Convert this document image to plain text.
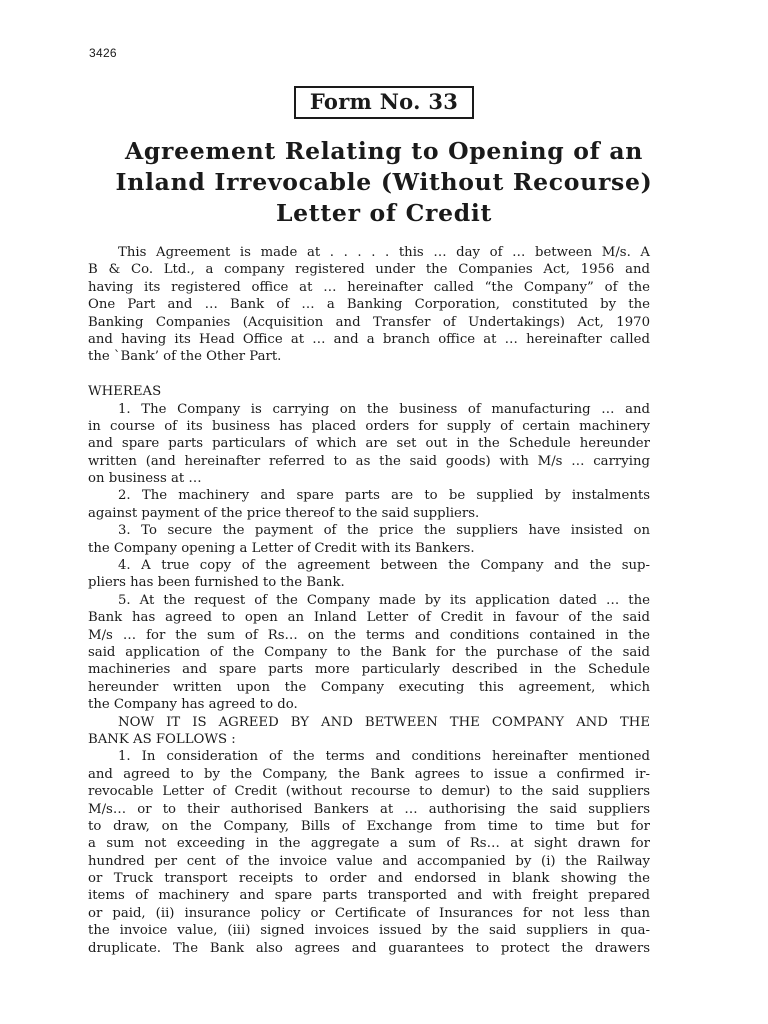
3426
Form No. 33
Agreement Relating to Opening of an
Inland Irrevocable (Without Recourse)
Letter of Credit
This Agreement is made at . . . . . this … day of … between M/s. A
B & Co. Ltd., a company registered under the Companies Act, 1956 and
having its registered office at … hereinafter called “the Company” of the
One Part and … Bank of … a Banking Corporation, constituted by the
Banking Companies (Acquisition and Transfer of Undertakings) Act, 1970
and having its Head Office at … and a branch office at … hereinafter called
the `Bank’ of the Other Part.
WHEREAS
1. The Company is carrying on the business of manufacturing … and
in course of its business has placed orders for supply of certain machinery
and spare parts particulars of which are set out in the Schedule hereunder
written (and hereinafter referred to as the said goods) with M/s … carrying
on business at …
2. The machinery and spare parts are to be supplied by instalments
against payment of the price thereof to the said suppliers.
3. To secure the payment of the price the suppliers have insisted on
the Company opening a Letter of Credit with its Bankers.
4. A true copy of the agreement between the Company and the sup-
pliers has been furnished to the Bank.
5. At the request of the Company made by its application dated … the
Bank has agreed to open an Inland Letter of Credit in favour of the said
M/s … for the sum of Rs… on the terms and conditions contained in the
said application of the Company to the Bank for the purchase of the said
machineries and spare parts more particularly described in the Schedule
hereunder written upon the Company executing this agreement, which
the Company has agreed to do.
NOW IT IS AGREED BY AND BETWEEN THE COMPANY AND THE
BANK AS FOLLOWS :
1. In consideration of the terms and conditions hereinafter mentioned
and agreed to by the Company, the Bank agrees to issue a confirmed ir-
revocable Letter of Credit (without recourse to demur) to the said suppliers
M/s… or to their authorised Bankers at … authorising the said suppliers
to draw, on the Company, Bills of Exchange from time to time but for
a sum not exceeding in the aggregate a sum of Rs… at sight drawn for
hundred per cent of the invoice value and accompanied by (i) the Railway
or Truck transport receipts to order and endorsed in blank showing the
items of machinery and spare parts transported and with freight prepared
or paid, (ii) insurance policy or Certificate of Insurances for not less than
the invoice value, (iii) signed invoices issued by the said suppliers in qua-
druplicate. The Bank also agrees and guarantees to protect the drawers
